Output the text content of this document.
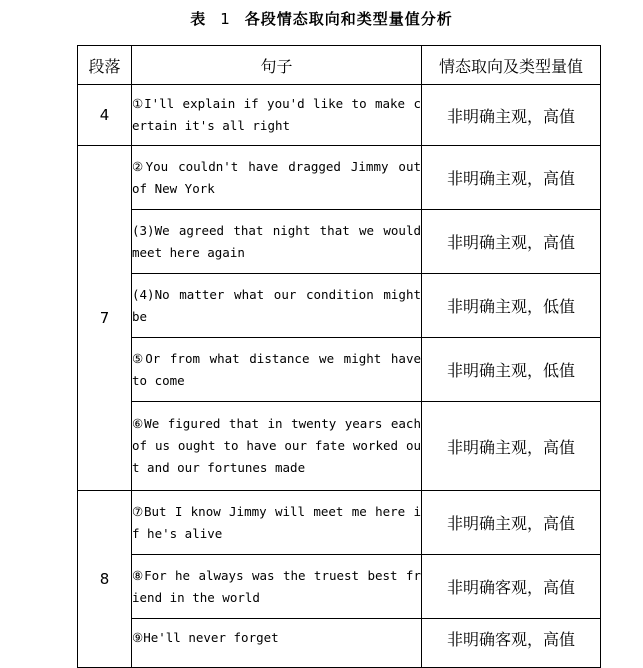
表 1 各段情态取向和类型量值分析
段落	句子	情态取向及类型量值
4	①I'll explain if you'd like to make certain it's all right	非明确主观，高值
7	②You couldn't have dragged Jimmy out of New York	非明确主观，高值
	(3)We agreed that night that we would meet here again	非明确主观，高值
	(4)No matter what our condition might be	非明确主观，低值
	⑤Or from what distance we might have to come	非明确主观，低值
	⑥We figured that in twenty years each of us ought to have our fate worked out and our fortunes made	非明确主观，高值
8	⑦But I know Jimmy will meet me here if he's alive	非明确主观，高值
	⑧For he always was the truest best friend in the world	非明确客观，高值
	⑨He'll never forget	非明确客观，高值
